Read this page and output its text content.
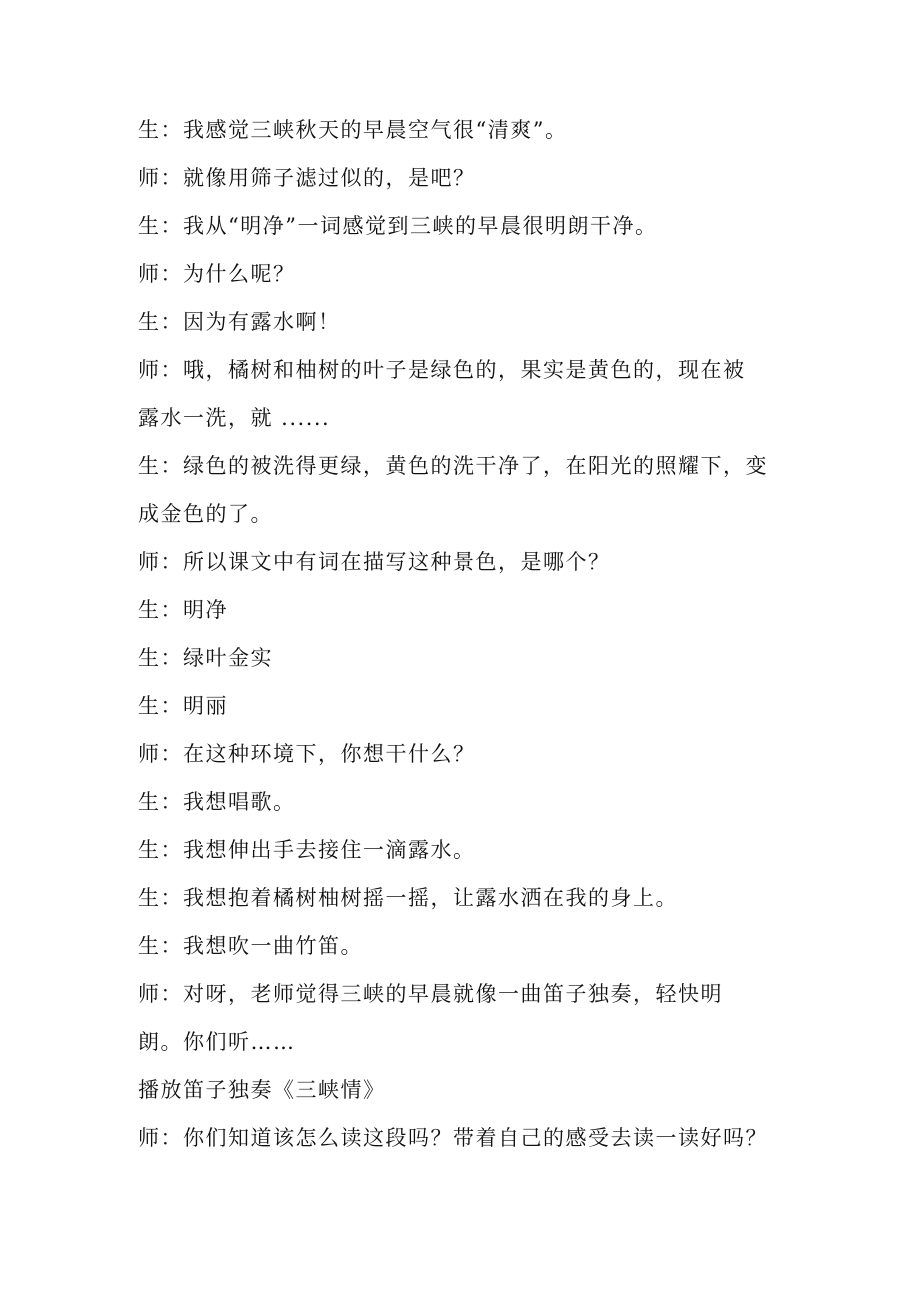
生：我感觉三峡秋天的早晨空气很“清爽”。
师：就像用筛子滤过似的，是吧？
生：我从“明净”一词感觉到三峡的早晨很明朗干净。
师：为什么呢？
生：因为有露水啊！
师：哦，橘树和柚树的叶子是绿色的，果实是黄色的，现在被
露水一洗，就 ......
生：绿色的被洗得更绿，黄色的洗干净了，在阳光的照耀下，变
成金色的了。
师：所以课文中有词在描写这种景色，是哪个？
生：明净
生：绿叶金实
生：明丽
师：在这种环境下，你想干什么？
生：我想唱歌。
生：我想伸出手去接住一滴露水。
生：我想抱着橘树柚树摇一摇，让露水洒在我的身上。
生：我想吹一曲竹笛。
师：对呀，老师觉得三峡的早晨就像一曲笛子独奏，轻快明
朗。你们听……
播放笛子独奏《三峡情》
师：你们知道该怎么读这段吗？带着自己的感受去读一读好吗？
